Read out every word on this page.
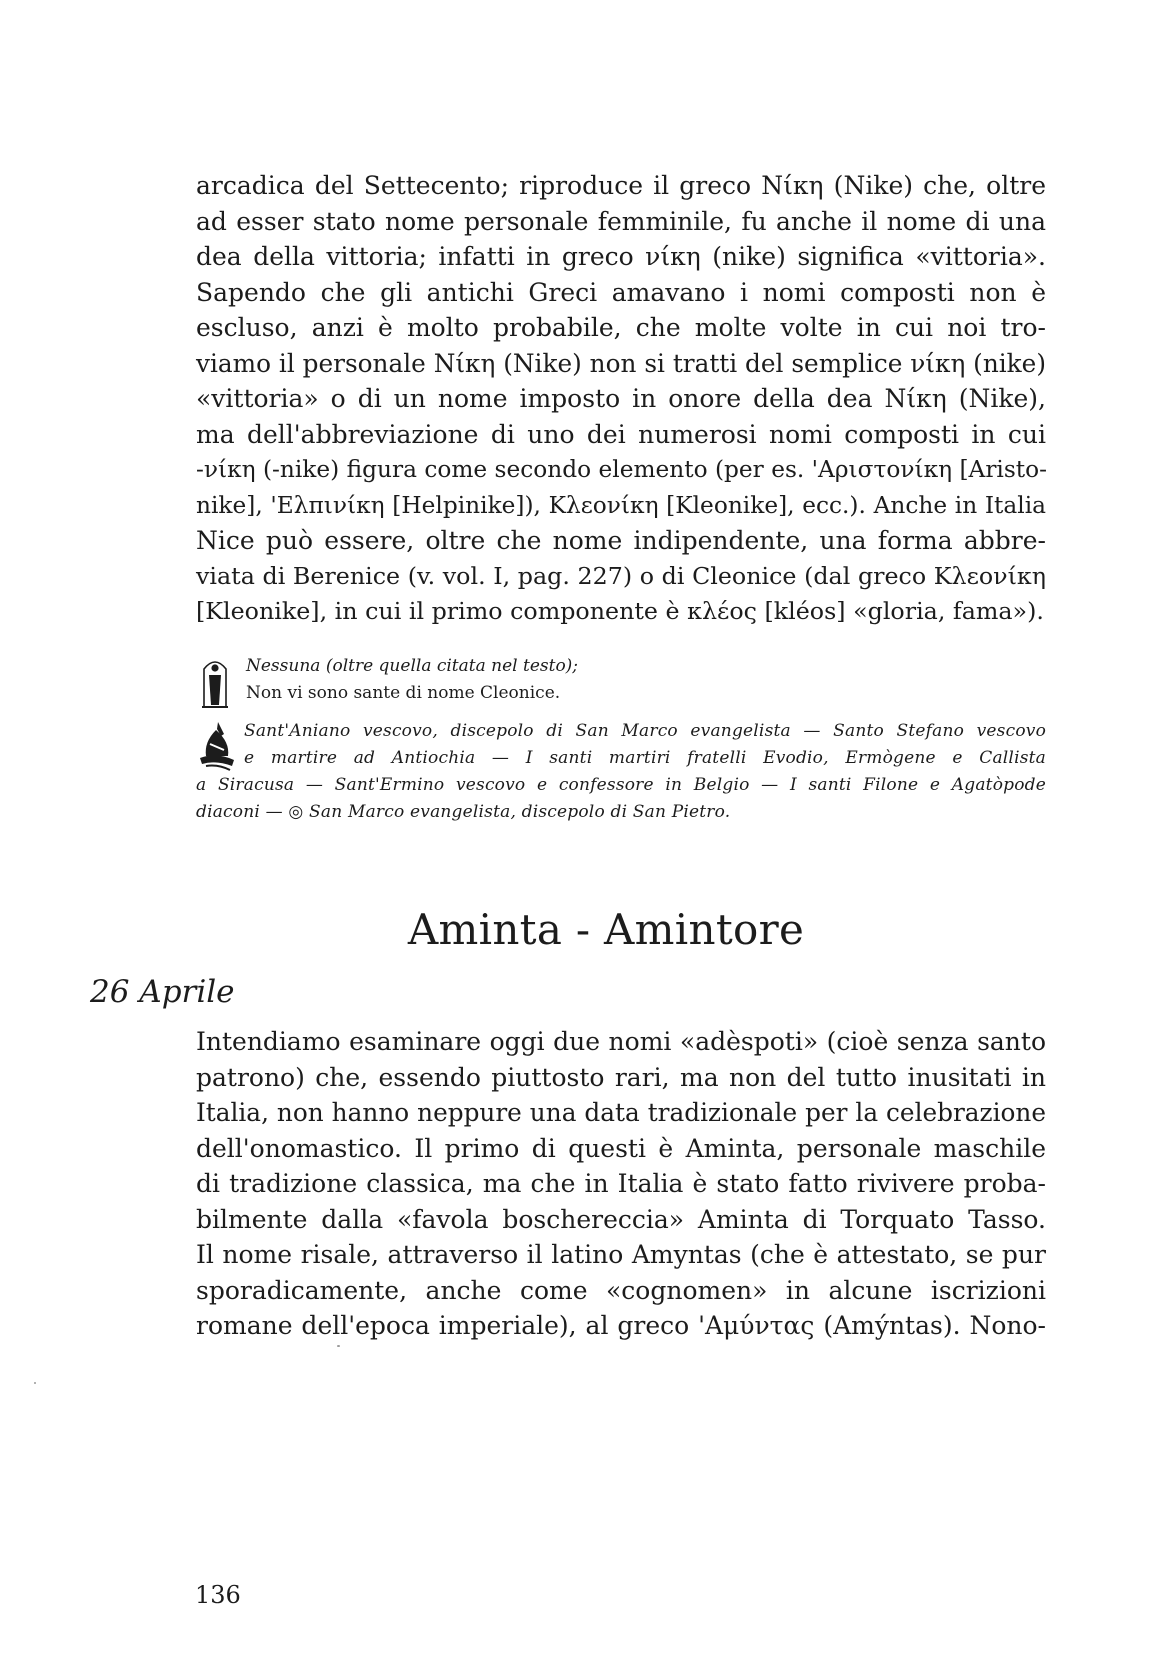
arcadica del Settecento; riproduce il greco Νίκη (Nike) che, oltre
ad esser stato nome personale femminile, fu anche il nome di una
dea della vittoria; infatti in greco νίκη (nike) significa «vittoria».
Sapendo che gli antichi Greci amavano i nomi composti non è
escluso, anzi è molto probabile, che molte volte in cui noi tro-
viamo il personale Νίκη (Nike) non si tratti del semplice νίκη (nike)
«vittoria» o di un nome imposto in onore della dea Νίκη (Nike),
ma dell'abbreviazione di uno dei numerosi nomi composti in cui
-νίκη (-nike) figura come secondo elemento (per es. 'Αριστονίκη [Aristo-
nike], 'Ελπινίκη [Helpinike]), Κλεονίκη [Kleonike], ecc.). Anche in Italia
Nice può essere, oltre che nome indipendente, una forma abbre-
viata di Berenice (v. vol. I, pag. 227) o di Cleonice (dal greco Κλεονίκη
[Kleonike], in cui il primo componente è κλέος [kléos] «gloria, fama»).

Nessuna (oltre quella citata nel testo);
Non vi sono sante di nome Cleonice.

Sant'Aniano vescovo, discepolo di San Marco evangelista — Santo Stefano vescovo
e martire ad Antiochia — I santi martiri fratelli Evodio, Ermògene e Callista
a Siracusa — Sant'Ermino vescovo e confessore in Belgio — I santi Filone e Agatòpode
diaconi — ◎ San Marco evangelista, discepolo di San Pietro.

Aminta - Amintore
26 Aprile
Intendiamo esaminare oggi due nomi «adèspoti» (cioè senza santo
patrono) che, essendo piuttosto rari, ma non del tutto inusitati in
Italia, non hanno neppure una data tradizionale per la celebrazione
dell'onomastico. Il primo di questi è Aminta, personale maschile
di tradizione classica, ma che in Italia è stato fatto rivivere proba-
bilmente dalla «favola boschereccia» Aminta di Torquato Tasso.
Il nome risale, attraverso il latino Amyntas (che è attestato, se pur
sporadicamente, anche come «cognomen» in alcune iscrizioni
romane dell'epoca imperiale), al greco 'Αμύντας (Amýntas). Nono-
136
